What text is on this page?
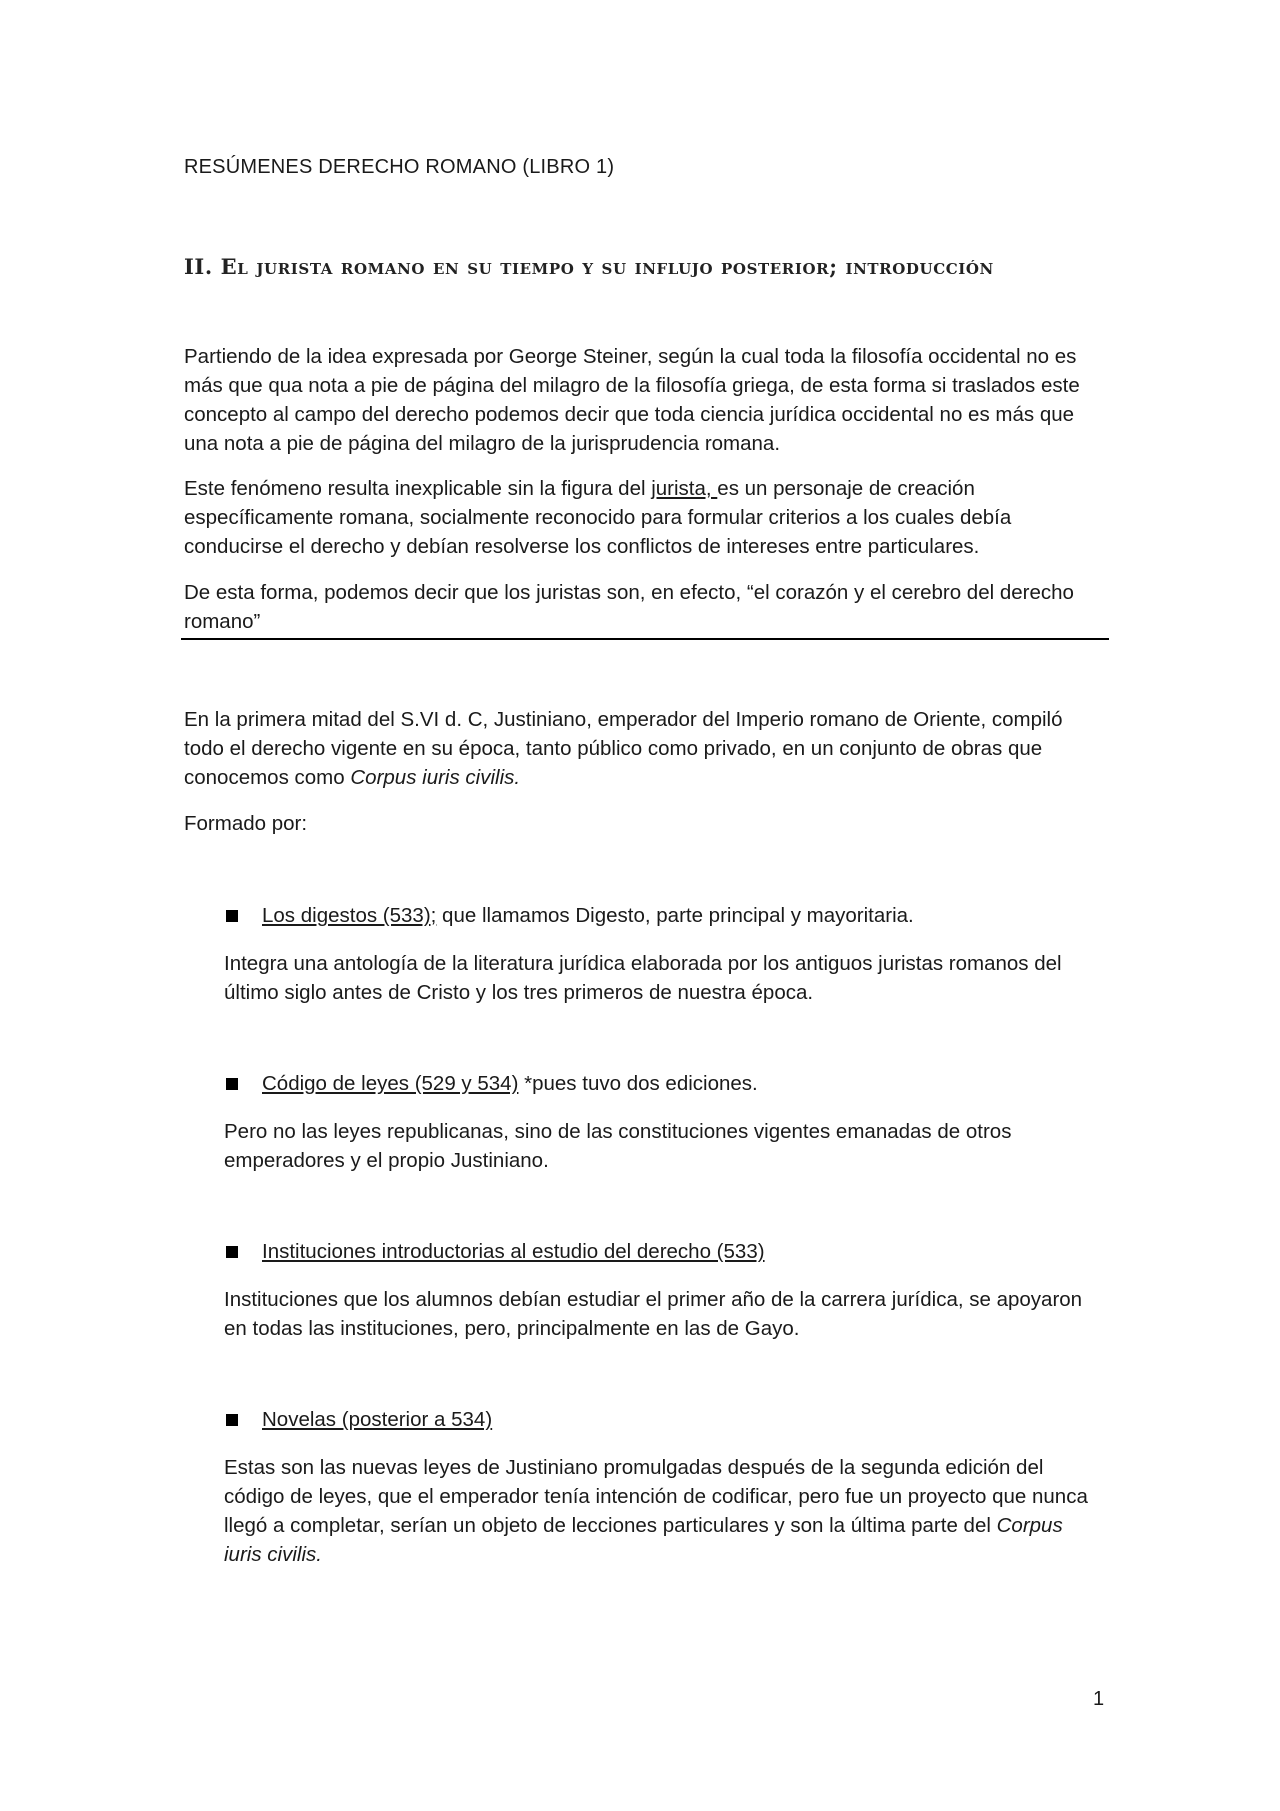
RESÚMENES DERECHO ROMANO (LIBRO 1)
II. El jurista romano en su tiempo y su influjo posterior; introducción

Partiendo de la idea expresada por George Steiner, según la cual toda la filosofía occidental no es más que qua nota a pie de página del milagro de la filosofía griega, de esta forma si traslados este concepto al campo del derecho podemos decir que toda ciencia jurídica occidental no es más que una nota a pie de página del milagro de la jurisprudencia romana.

Este fenómeno resulta inexplicable sin la figura del jurista, es un personaje de creación específicamente romana, socialmente reconocido para formular criterios a los cuales debía conducirse el derecho y debían resolverse los conflictos de intereses entre particulares.

De esta forma, podemos decir que los juristas son, en efecto, “el corazón y el cerebro del derecho romano”

En la primera mitad del S.VI d. C, Justiniano, emperador del Imperio romano de Oriente, compiló todo el derecho vigente en su época, tanto público como privado, en un conjunto de obras que conocemos como Corpus iuris civilis.

Formado por:

Los digestos (533); que llamamos Digesto, parte principal y mayoritaria.

Integra una antología de la literatura jurídica elaborada por los antiguos juristas romanos del último siglo antes de Cristo y los tres primeros de nuestra época.

Código de leyes (529 y 534) *pues tuvo dos ediciones.

Pero no las leyes republicanas, sino de las constituciones vigentes emanadas de otros emperadores y el propio Justiniano.

Instituciones introductorias al estudio del derecho (533)

Instituciones que los alumnos debían estudiar el primer año de la carrera jurídica, se apoyaron en todas las instituciones, pero, principalmente en las de Gayo.

Novelas (posterior a 534)

Estas son las nuevas leyes de Justiniano promulgadas después de la segunda edición del código de leyes, que el emperador tenía intención de codificar, pero fue un proyecto que nunca llegó a completar, serían un objeto de lecciones particulares y son la última parte del Corpus iuris civilis.

1
